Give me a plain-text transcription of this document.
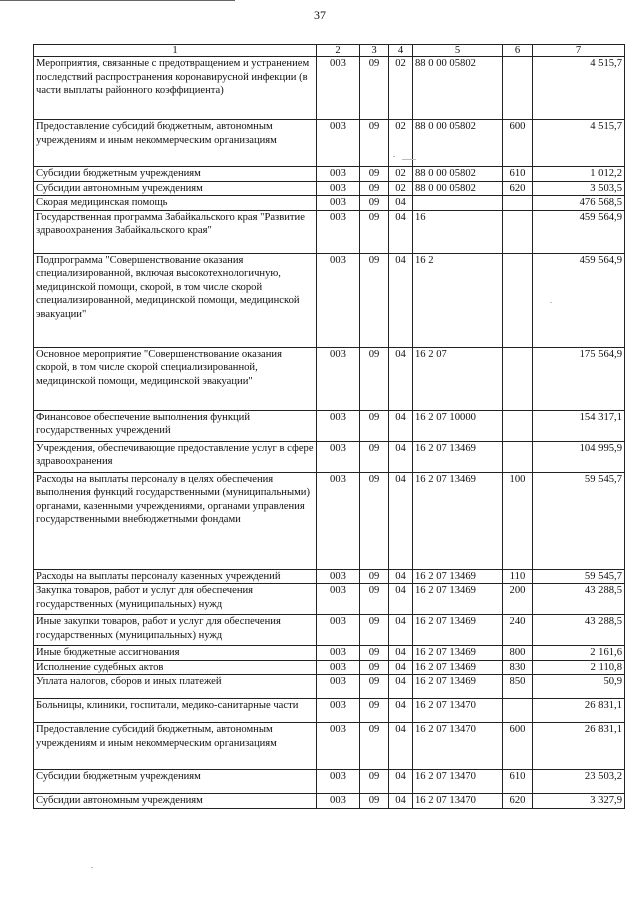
37
1	2	3	4	5	6	7
Мероприятия, связанные с предотвращением и устранением последствий распространения коронавирусной инфекции (в части выплаты районного коэффициента)	003	09	02	88 0 00 05802		4 515,7
Предоставление субсидий бюджетным, автономным учреждениям и иным некоммерческим организациям	003	09	02	88 0 00 05802	600	4 515,7
Субсидии бюджетным учреждениям	003	09	02	88 0 00 05802	610	1 012,2
Субсидии автономным учреждениям	003	09	02	88 0 00 05802	620	3 503,5
Скорая медицинская помощь	003	09	04			476 568,5
Государственная программа Забайкальского края "Развитие здравоохранения Забайкальского края"	003	09	04	16		459 564,9
Подпрограмма "Совершенствование оказания специализированной, включая высокотехнологичную, медицинской помощи, скорой, в том числе скорой специализированной, медицинской помощи, медицинской эвакуации"	003	09	04	16 2		459 564,9
Основное мероприятие "Совершенствование оказания скорой, в том числе скорой специализированной, медицинской помощи, медицинской эвакуации"	003	09	04	16 2 07		175 564,9
Финансовое обеспечение выполнения функций государственных учреждений	003	09	04	16 2 07 10000		154 317,1
Учреждения, обеспечивающие предоставление услуг в сфере здравоохранения	003	09	04	16 2 07 13469		104 995,9
Расходы на выплаты персоналу в целях обеспечения выполнения функций государственными (муниципальными) органами, казенными учреждениями, органами управления государственными внебюджетными фондами	003	09	04	16 2 07 13469	100	59 545,7
Расходы на выплаты персоналу казенных учреждений	003	09	04	16 2 07 13469	110	59 545,7
Закупка товаров, работ и услуг для обеспечения государственных (муниципальных) нужд	003	09	04	16 2 07 13469	200	43 288,5
Иные закупки товаров, работ и услуг для обеспечения государственных (муниципальных) нужд	003	09	04	16 2 07 13469	240	43 288,5
Иные бюджетные ассигнования	003	09	04	16 2 07 13469	800	2 161,6
Исполнение судебных актов	003	09	04	16 2 07 13469	830	2 110,8
Уплата налогов, сборов и иных платежей	003	09	04	16 2 07 13469	850	50,9
Больницы, клиники, госпитали, медико-санитарные части	003	09	04	16 2 07 13470		26 831,1
Предоставление субсидий бюджетным, автономным учреждениям и иным некоммерческим организациям	003	09	04	16 2 07 13470	600	26 831,1
Субсидии бюджетным учреждениям	003	09	04	16 2 07 13470	610	23 503,2
Субсидии автономным учреждениям	003	09	04	16 2 07 13470	620	3 327,9
